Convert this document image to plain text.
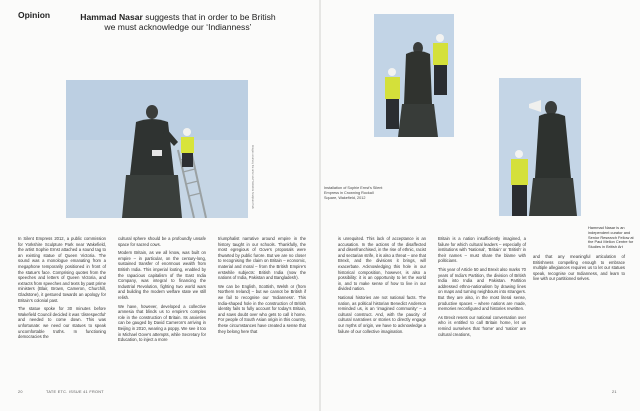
Opinion	Hammad Nasar suggests that in order to be British we must acknowledge our ‘Indianness’
Images courtesy the artist and Yorkshire Sculpture Park	Installation of Sophie Ernst’s Silent Empress in Crowning Rockall Square, Wakefield, 2012
Hammad Nasar is an independent curator and Senior Research Fellow at the Paul Mellon Centre for Studies in British Art

In Silent Empress 2012, a public commission for Yorkshire Sculpture Park near Wakefield, the artist Sophie Ernst attached a sound tag to an existing statue of Queen Victoria. The sound was a monologue emanating from a megaphone temporarily positioned in front of the statue’s face. Comprising quotes from the speeches and letters of Queen Victoria, and extracts from speeches and texts by past prime ministers (Blair, Brown, Cameron, Churchill, Gladstone), it gestured towards an apology for Britain’s colonial past.

The statue spoke for 30 minutes before Wakefield Council decided it was ‘disrespectful’ and needed to come down. This was unfortunate: we need our statues to speak uncomfortable truths. In functioning democracies the

cultural sphere should be a profoundly unsafe space for sacred cows.

Modern Britain, as we all know, was built on empire – in particular, on the century-long, sustained transfer of enormous wealth from British India. This imperial looting, enabled by the rapacious capitalism of the East India Company, was integral to financing the Industrial Revolution, fighting two world wars and building the modern welfare state we still relish.

We have, however, developed a collective amnesia that blinds us to empire’s complex role in the construction of Britain. Its anxieties can be gauged by David Cameron’s arriving in Beijing in 2010, wearing a poppy. We see it too in Michael Gove’s attempts, while Secretary for Education, to inject a more

triumphalist narrative around empire in the history taught in our schools. Thankfully, the most egregious of Gove’s proposals were thwarted by public furore. But we are no closer to recognising the claim on Britain – economic, material and moral – from the British Empire’s erstwhile subjects: British India (now the nations of India, Pakistan and Bangladesh).

We can be English, Scottish, Welsh or (from Northern Ireland) – but we cannot be British if we fail to recognise our ‘Indianness’. This India-shaped hole in the construction of British identity fails to fully account for today’s Britain, and sows doubt over who gets to call it home. For people of South Asian origin in this country, these circumstances have created a sense that they belong here that

is unrequited. This lack of acceptance is an accusation. In the actions of the disaffected and disenfranchised, in the rise of ethnic, racist and sectarian strife, it is also a threat – one that Brexit, and the divisions it brings, will exacerbate. Acknowledging this hole in our historical composition, however, is also a possibility: it is an opportunity to let the world in, and to make sense of how to live in our divided nation.

National histories are not national facts. The nation, as political historian Benedict Anderson reminded us, is an ‘imagined community’ – a cultural construct. And, with the paucity of cultural narratives or stories to directly engage our myths of origin, we have to acknowledge a failure of our collective imagination.

Britain is a nation insufficiently imagined, a failure for which cultural leaders – especially of institutions with ‘National’, ‘Britain’ or ‘British’ in their names – must share the blame with politicians.

This year of Article 50 and Brexit also marks 70 years of India’s Partition, the division of British India into India and Pakistan. Partition addressed ethno-nationalism by drawing lines on maps and turning neighbours into strangers. But they are also, in the most literal sense, productive spaces – where nations are made, memories reconfigured and histories rewritten.

As Brexit resets our national conversation over who is entitled to call Britain home, let us remind ourselves that ‘home’ and ‘nation’ are cultural creations,

and that any meaningful articulation of Britishness compelling enough to embrace multiple allegiances requires us to let our statues speak, recognise our Indianness, and learn to live with our partitioned selves.

20	TATE ETC. ISSUE 41 FRONT	21
